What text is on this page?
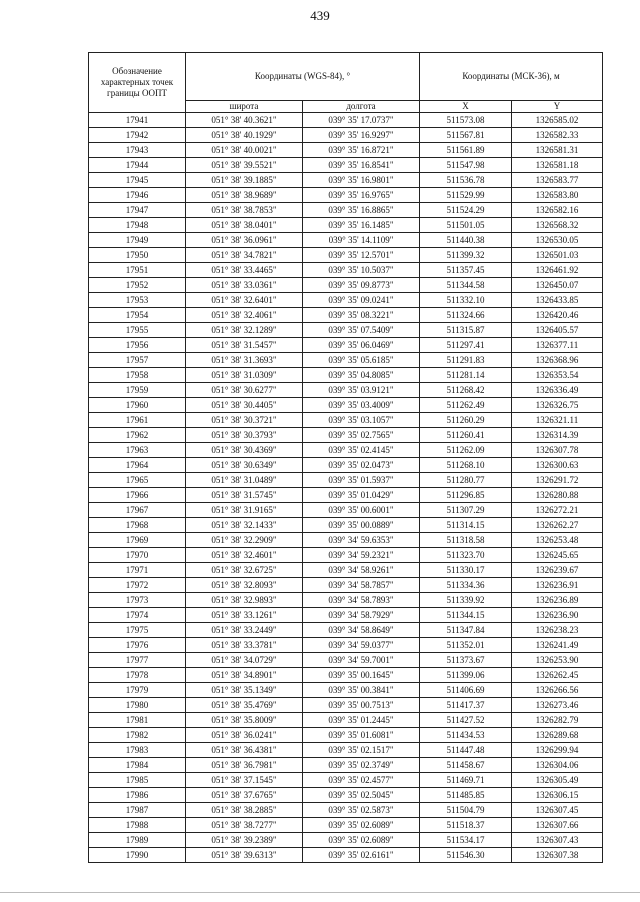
439
Обозначение характерных точек границы ООПТ	Координаты (WGS-84), °		Координаты (МСК-36), м	
	широта	долгота	X	Y
17941	051° 38' 40.3621"	039° 35' 17.0737"	511573.08	1326585.02
17942	051° 38' 40.1929"	039° 35' 16.9297"	511567.81	1326582.33
17943	051° 38' 40.0021"	039° 35' 16.8721"	511561.89	1326581.31
17944	051° 38' 39.5521"	039° 35' 16.8541"	511547.98	1326581.18
17945	051° 38' 39.1885"	039° 35' 16.9801"	511536.78	1326583.77
17946	051° 38' 38.9689"	039° 35' 16.9765"	511529.99	1326583.80
17947	051° 38' 38.7853"	039° 35' 16.8865"	511524.29	1326582.16
17948	051° 38' 38.0401"	039° 35' 16.1485"	511501.05	1326568.32
17949	051° 38' 36.0961"	039° 35' 14.1109"	511440.38	1326530.05
17950	051° 38' 34.7821"	039° 35' 12.5701"	511399.32	1326501.03
17951	051° 38' 33.4465"	039° 35' 10.5037"	511357.45	1326461.92
17952	051° 38' 33.0361"	039° 35' 09.8773"	511344.58	1326450.07
17953	051° 38' 32.6401"	039° 35' 09.0241"	511332.10	1326433.85
17954	051° 38' 32.4061"	039° 35' 08.3221"	511324.66	1326420.46
17955	051° 38' 32.1289"	039° 35' 07.5409"	511315.87	1326405.57
17956	051° 38' 31.5457"	039° 35' 06.0469"	511297.41	1326377.11
17957	051° 38' 31.3693"	039° 35' 05.6185"	511291.83	1326368.96
17958	051° 38' 31.0309"	039° 35' 04.8085"	511281.14	1326353.54
17959	051° 38' 30.6277"	039° 35' 03.9121"	511268.42	1326336.49
17960	051° 38' 30.4405"	039° 35' 03.4009"	511262.49	1326326.75
17961	051° 38' 30.3721"	039° 35' 03.1057"	511260.29	1326321.11
17962	051° 38' 30.3793"	039° 35' 02.7565"	511260.41	1326314.39
17963	051° 38' 30.4369"	039° 35' 02.4145"	511262.09	1326307.78
17964	051° 38' 30.6349"	039° 35' 02.0473"	511268.10	1326300.63
17965	051° 38' 31.0489"	039° 35' 01.5937"	511280.77	1326291.72
17966	051° 38' 31.5745"	039° 35' 01.0429"	511296.85	1326280.88
17967	051° 38' 31.9165"	039° 35' 00.6001"	511307.29	1326272.21
17968	051° 38' 32.1433"	039° 35' 00.0889"	511314.15	1326262.27
17969	051° 38' 32.2909"	039° 34' 59.6353"	511318.58	1326253.48
17970	051° 38' 32.4601"	039° 34' 59.2321"	511323.70	1326245.65
17971	051° 38' 32.6725"	039° 34' 58.9261"	511330.17	1326239.67
17972	051° 38' 32.8093"	039° 34' 58.7857"	511334.36	1326236.91
17973	051° 38' 32.9893"	039° 34' 58.7893"	511339.92	1326236.89
17974	051° 38' 33.1261"	039° 34' 58.7929"	511344.15	1326236.90
17975	051° 38' 33.2449"	039° 34' 58.8649"	511347.84	1326238.23
17976	051° 38' 33.3781"	039° 34' 59.0377"	511352.01	1326241.49
17977	051° 38' 34.0729"	039° 34' 59.7001"	511373.67	1326253.90
17978	051° 38' 34.8901"	039° 35' 00.1645"	511399.06	1326262.45
17979	051° 38' 35.1349"	039° 35' 00.3841"	511406.69	1326266.56
17980	051° 38' 35.4769"	039° 35' 00.7513"	511417.37	1326273.46
17981	051° 38' 35.8009"	039° 35' 01.2445"	511427.52	1326282.79
17982	051° 38' 36.0241"	039° 35' 01.6081"	511434.53	1326289.68
17983	051° 38' 36.4381"	039° 35' 02.1517"	511447.48	1326299.94
17984	051° 38' 36.7981"	039° 35' 02.3749"	511458.67	1326304.06
17985	051° 38' 37.1545"	039° 35' 02.4577"	511469.71	1326305.49
17986	051° 38' 37.6765"	039° 35' 02.5045"	511485.85	1326306.15
17987	051° 38' 38.2885"	039° 35' 02.5873"	511504.79	1326307.45
17988	051° 38' 38.7277"	039° 35' 02.6089"	511518.37	1326307.66
17989	051° 38' 39.2389"	039° 35' 02.6089"	511534.17	1326307.43
17990	051° 38' 39.6313"	039° 35' 02.6161"	511546.30	1326307.38
